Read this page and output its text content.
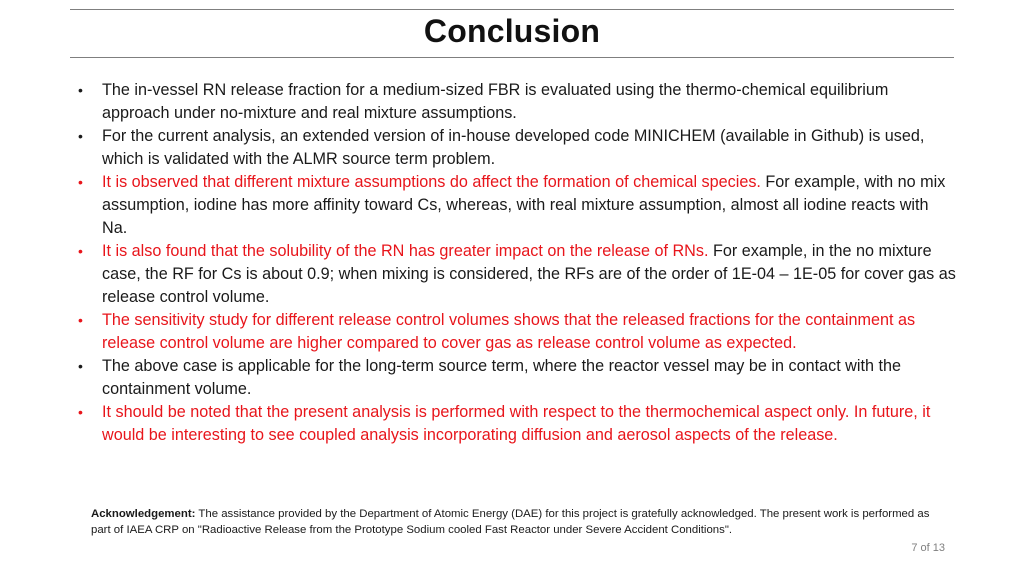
Conclusion
• The in-vessel RN release fraction for a medium-sized FBR is evaluated using the thermo-chemical equilibrium approach under no-mixture and real mixture assumptions.
• For the current analysis, an extended version of in-house developed code MINICHEM (available in Github) is used, which is validated with the ALMR source term problem.
• It is observed that different mixture assumptions do affect the formation of chemical species. For example, with no mix assumption, iodine has more affinity toward Cs, whereas, with real mixture assumption, almost all iodine reacts with Na.
• It is also found that the solubility of the RN has greater impact on the release of RNs. For example, in the no mixture case, the RF for Cs is about 0.9; when mixing is considered, the RFs are of the order of 1E-04 – 1E-05 for cover gas as release control volume.
• The sensitivity study for different release control volumes shows that the released fractions for the containment as release control volume are higher compared to cover gas as release control volume as expected.
• The above case is applicable for the long-term source term, where the reactor vessel may be in contact with the containment volume.
• It should be noted that the present analysis is performed with respect to the thermochemical aspect only. In future, it would be interesting to see coupled analysis incorporating diffusion and aerosol aspects of the release.
Acknowledgement: The assistance provided by the Department of Atomic Energy (DAE) for this project is gratefully acknowledged. The present work is performed as part of IAEA CRP on "Radioactive Release from the Prototype Sodium cooled Fast Reactor under Severe Accident Conditions".
7 of 13
